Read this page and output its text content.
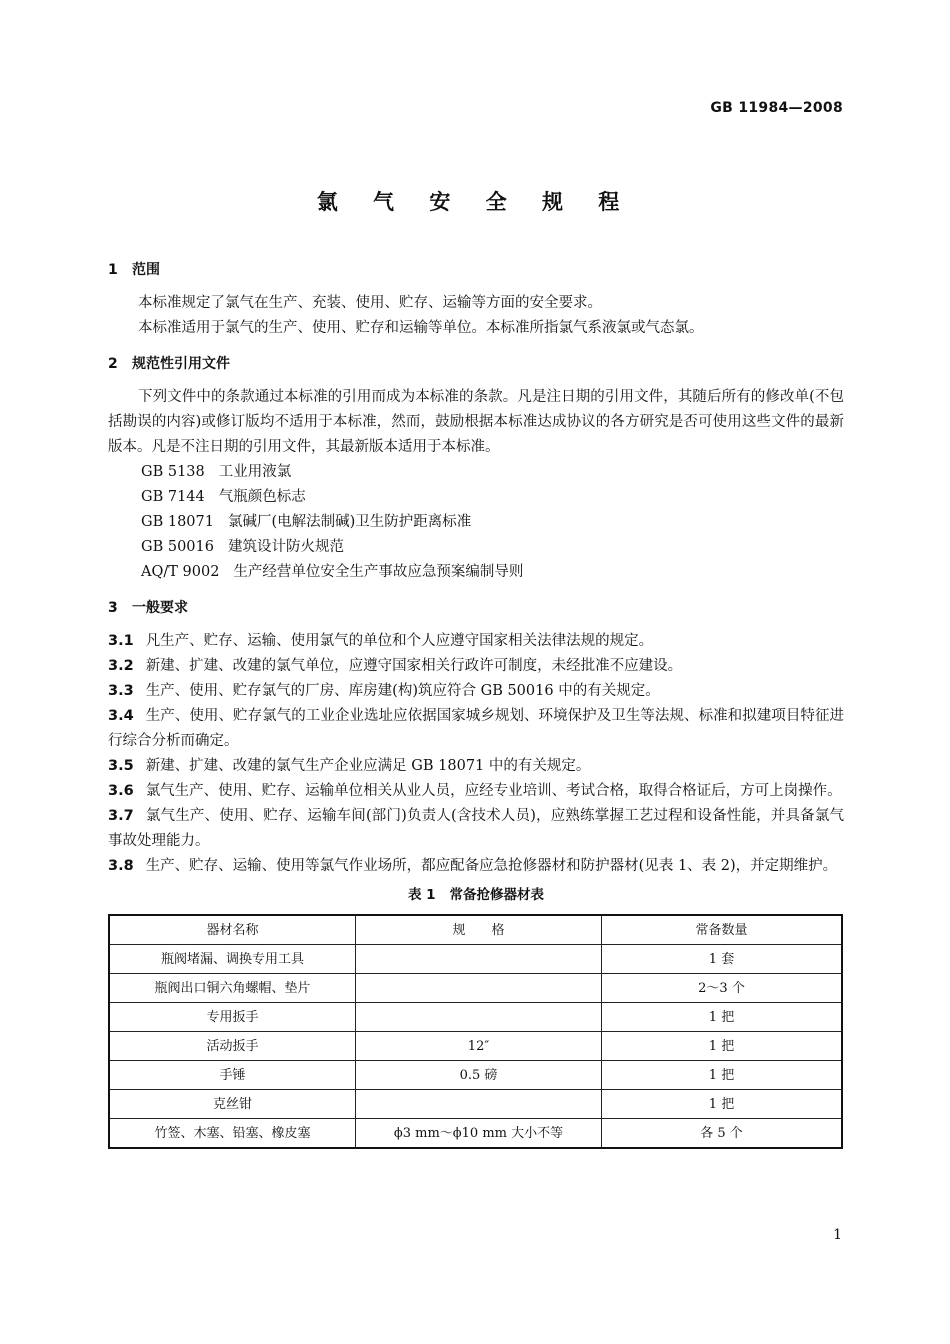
GB 11984—2008
氯 气 安 全 规 程

1 范围

本标准规定了氯气在生产、充装、使用、贮存、运输等方面的安全要求。

本标准适用于氯气的生产、使用、贮存和运输等单位。本标准所指氯气系液氯或气态氯。

2 规范性引用文件

下列文件中的条款通过本标准的引用而成为本标准的条款。凡是注日期的引用文件，其随后所有的修改单(不包括勘误的内容)或修订版均不适用于本标准，然而，鼓励根据本标准达成协议的各方研究是否可使用这些文件的最新版本。凡是不注日期的引用文件，其最新版本适用于本标准。

GB 5138 工业用液氯

GB 7144 气瓶颜色标志

GB 18071 氯碱厂(电解法制碱)卫生防护距离标准

GB 50016 建筑设计防火规范

AQ/T 9002 生产经营单位安全生产事故应急预案编制导则

3 一般要求

3.1 凡生产、贮存、运输、使用氯气的单位和个人应遵守国家相关法律法规的规定。

3.2 新建、扩建、改建的氯气单位，应遵守国家相关行政许可制度，未经批准不应建设。

3.3 生产、使用、贮存氯气的厂房、库房建(构)筑应符合 GB 50016 中的有关规定。

3.4 生产、使用、贮存氯气的工业企业选址应依据国家城乡规划、环境保护及卫生等法规、标准和拟建项目特征进行综合分析而确定。

3.5 新建、扩建、改建的氯气生产企业应满足 GB 18071 中的有关规定。

3.6 氯气生产、使用、贮存、运输单位相关从业人员，应经专业培训、考试合格，取得合格证后，方可上岗操作。

3.7 氯气生产、使用、贮存、运输车间(部门)负责人(含技术人员)，应熟练掌握工艺过程和设备性能，并具备氯气事故处理能力。

3.8 生产、贮存、运输、使用等氯气作业场所，都应配备应急抢修器材和防护器材(见表 1、表 2)，并定期维护。

表 1 常备抢修器材表
器材名称	规　　格	常备数量
瓶阀堵漏、调换专用工具		1 套
瓶阀出口铜六角螺帽、垫片		2～3 个
专用扳手		1 把
活动扳手	12″	1 把
手锤	0.5 磅	1 把
克丝钳		1 把
竹签、木塞、铅塞、橡皮塞	ϕ3 mm～ϕ10 mm 大小不等	各 5 个
1
